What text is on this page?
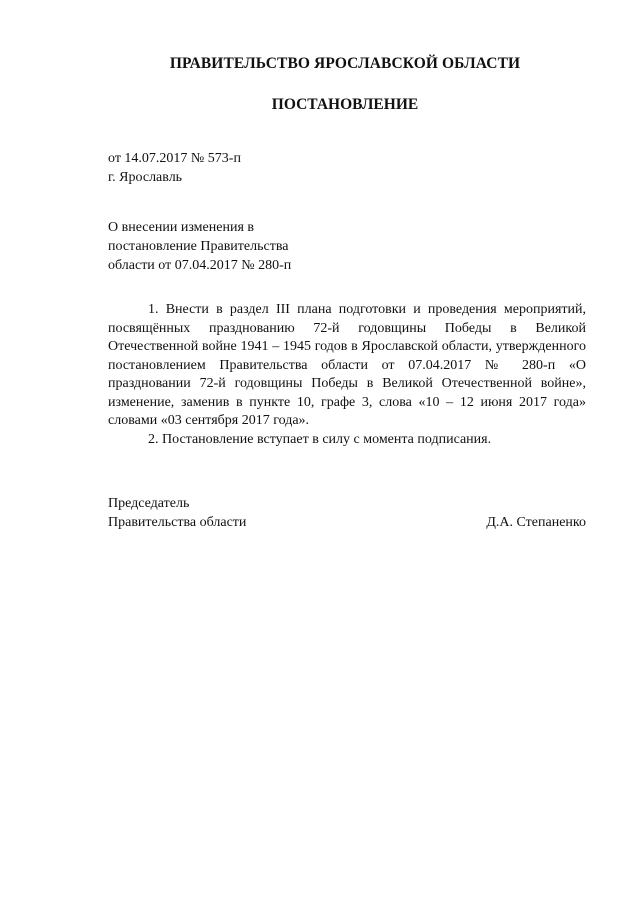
ПРАВИТЕЛЬСТВО ЯРОСЛАВСКОЙ ОБЛАСТИ
ПОСТАНОВЛЕНИЕ
от 14.07.2017 № 573-п
г. Ярославль
О внесении изменения в
постановление Правительства
области от 07.04.2017 № 280-п

1. Внести в раздел III плана подготовки и проведения мероприятий, посвящённых празднованию 72-й годовщины Победы в Великой Отечественной войне 1941 – 1945 годов в Ярославской области, утвержденного постановлением Правительства области от 07.04.2017 № 280-п «О праздновании 72-й годовщины Победы в Великой Отечественной войне», изменение, заменив в пункте 10, графе 3, слова «10 – 12 июня 2017 года» словами «03 сентября 2017 года».

2. Постановление вступает в силу с момента подписания.

Председатель
Правительства области	Д.А. Степаненко
